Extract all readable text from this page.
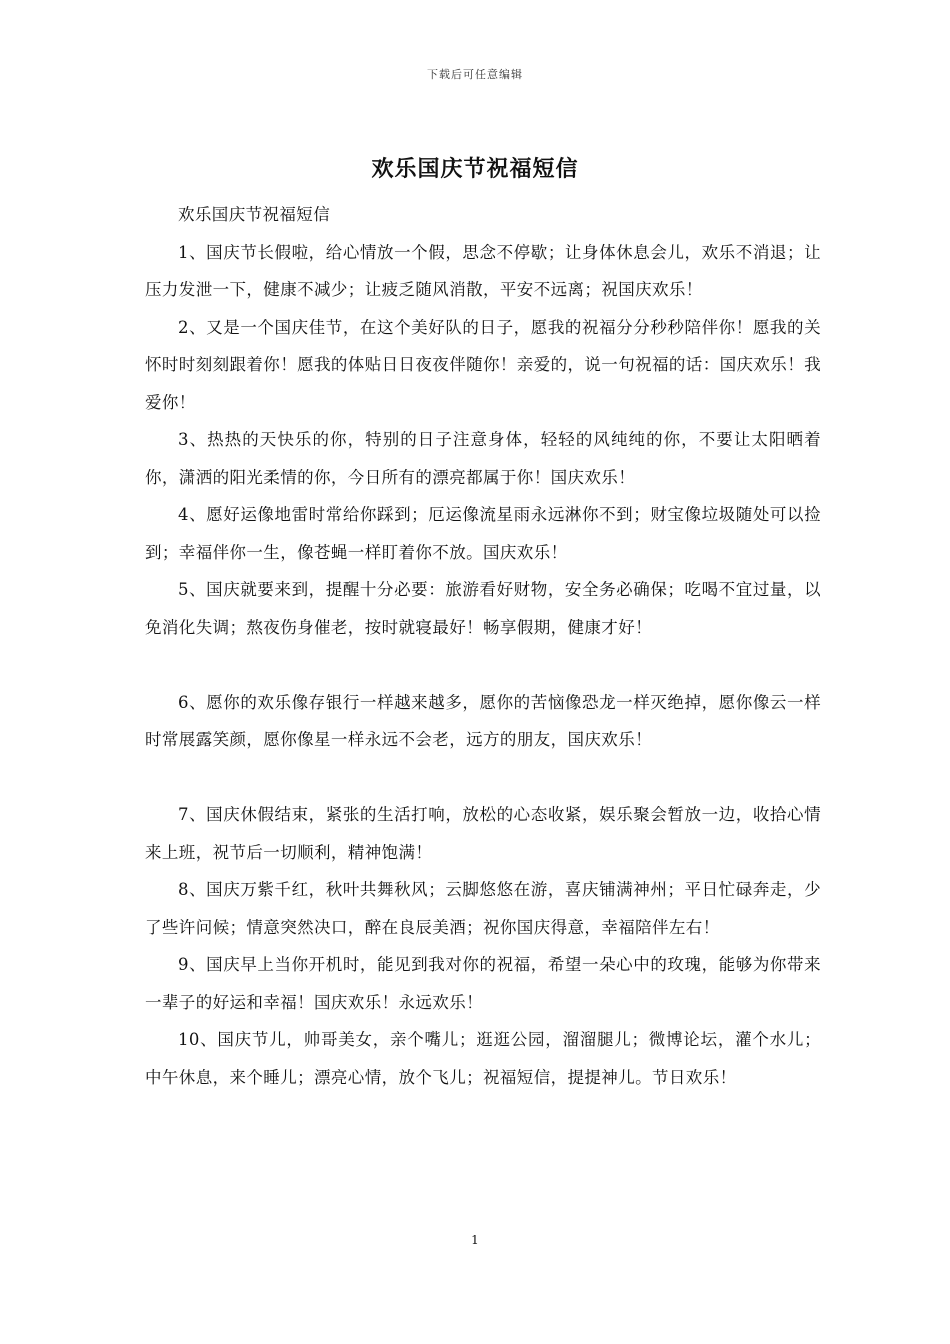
下载后可任意编辑
欢乐国庆节祝福短信

欢乐国庆节祝福短信

1、国庆节长假啦，给心情放一个假，思念不停歇；让身体休息会儿，欢乐不消退；让压力发泄一下，健康不减少；让疲乏随风消散，平安不远离；祝国庆欢乐！

2、又是一个国庆佳节，在这个美好队的日子，愿我的祝福分分秒秒陪伴你！愿我的关怀时时刻刻跟着你！愿我的体贴日日夜夜伴随你！亲爱的，说一句祝福的话：国庆欢乐！我爱你！

3、热热的天快乐的你，特别的日子注意身体，轻轻的风纯纯的你，不要让太阳晒着你，潇洒的阳光柔情的你，今日所有的漂亮都属于你！国庆欢乐！

4、愿好运像地雷时常给你踩到；厄运像流星雨永远淋你不到；财宝像垃圾随处可以捡到；幸福伴你一生，像苍蝇一样盯着你不放。国庆欢乐！

5、国庆就要来到，提醒十分必要：旅游看好财物，安全务必确保；吃喝不宜过量，以免消化失调；熬夜伤身催老，按时就寝最好！畅享假期，健康才好！

6、愿你的欢乐像存银行一样越来越多，愿你的苦恼像恐龙一样灭绝掉，愿你像云一样时常展露笑颜，愿你像星一样永远不会老，远方的朋友，国庆欢乐！

7、国庆休假结束，紧张的生活打响，放松的心态收紧，娱乐聚会暂放一边，收拾心情来上班，祝节后一切顺利，精神饱满！

8、国庆万紫千红，秋叶共舞秋风；云脚悠悠在游，喜庆铺满神州；平日忙碌奔走，少了些许问候；情意突然决口，醉在良辰美酒；祝你国庆得意，幸福陪伴左右！

9、国庆早上当你开机时，能见到我对你的祝福，希望一朵心中的玫瑰，能够为你带来一辈子的好运和幸福！国庆欢乐！永远欢乐！

10、国庆节儿，帅哥美女，亲个嘴儿；逛逛公园，溜溜腿儿；微博论坛，灌个水儿；中午休息，来个睡儿；漂亮心情，放个飞儿；祝福短信，提提神儿。节日欢乐！

1
